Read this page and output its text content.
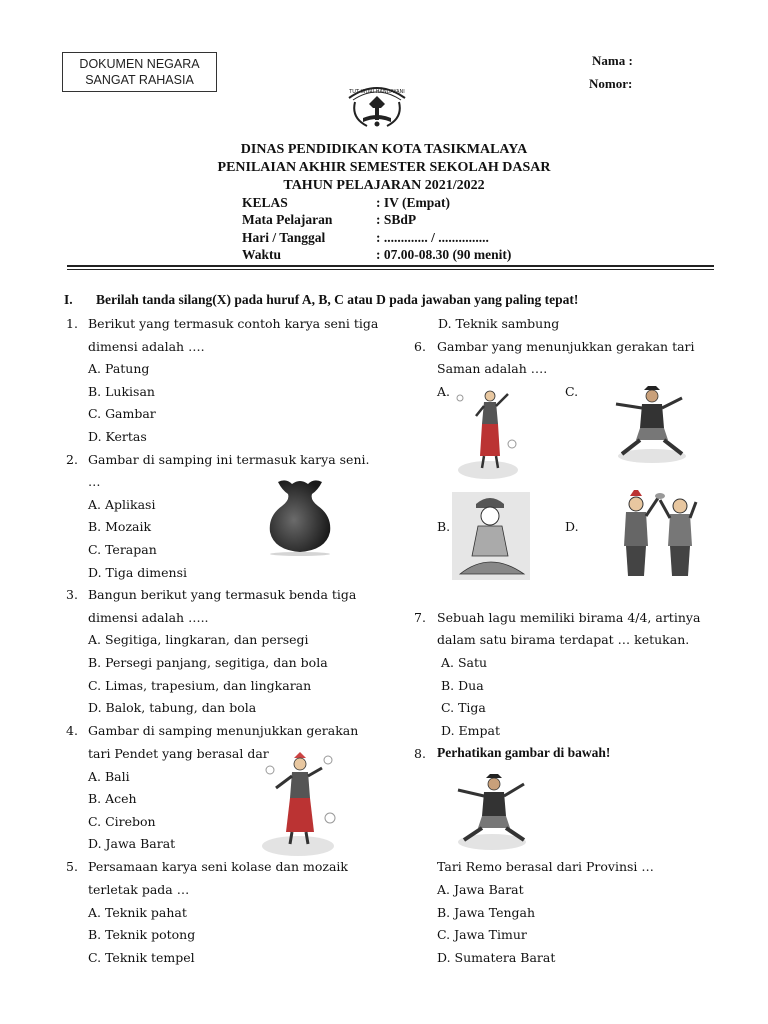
DOKUMEN NEGARA
SANGAT RAHASIA
Nama :
Nomor:
TUT WURI HANDAYANI
DINAS PENDIDIKAN KOTA TASIKMALAYA
PENILAIAN AKHIR SEMESTER SEKOLAH DASAR
TAHUN PELAJARAN 2021/2022
KELAS	: IV (Empat)
Mata Pelajaran	: SBdP
Hari / Tanggal	: ............. / ...............
Waktu	: 07.00-08.30 (90 menit)
I. Berilah tanda silang(X) pada huruf A, B, C atau D pada jawaban yang paling tepat!
1. Berikut yang termasuk contoh karya seni tiga
dimensi adalah ….
A. Patung
B. Lukisan
C. Gambar
D. Kertas
2. Gambar di samping ini termasuk karya seni.
…
A. Aplikasi
B. Mozaik
C. Terapan
D. Tiga dimensi
3. Bangun berikut yang termasuk benda tiga
dimensi adalah …..
A. Segitiga, lingkaran, dan persegi
B. Persegi panjang, segitiga, dan bola
C. Limas, trapesium, dan lingkaran
D. Balok, tabung, dan bola
4. Gambar di samping menunjukkan gerakan
tari Pendet yang berasal dar
A. Bali
B. Aceh
C. Cirebon
D. Jawa Barat
5. Persamaan karya seni kolase dan mozaik
terletak pada …
A. Teknik pahat
B. Teknik potong
C. Teknik tempel
D. Teknik sambung
6. Gambar yang menunjukkan gerakan tari
Saman adalah ….
A.	C.
B.	D.
7. Sebuah lagu memiliki birama 4/4, artinya
dalam satu birama terdapat … ketukan.
A. Satu
B. Dua
C. Tiga
D. Empat
8. Perhatikan gambar di bawah!
Tari Remo berasal dari Provinsi …
A. Jawa Barat
B. Jawa Tengah
C. Jawa Timur
D. Sumatera Barat
